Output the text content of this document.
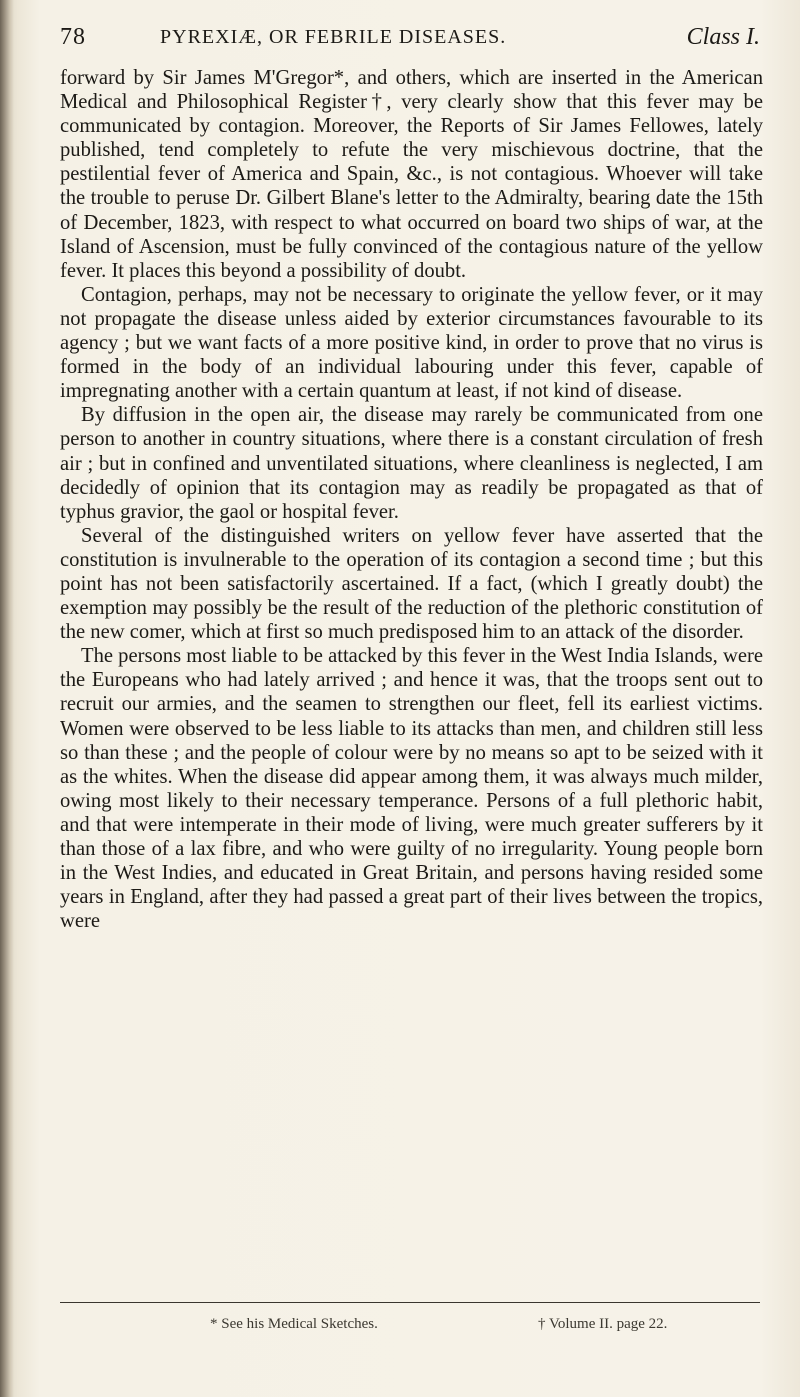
78	PYREXIÆ, OR FEBRILE DISEASES.	Class I.

forward by Sir James M'Gregor*, and others, which are inserted in the American Medical and Philosophical Register†, very clearly show that this fever may be communicated by contagion. Moreover, the Reports of Sir James Fellowes, lately published, tend completely to refute the very mischievous doctrine, that the pestilential fever of America and Spain, &c., is not contagious. Whoever will take the trouble to peruse Dr. Gilbert Blane's letter to the Admiralty, bearing date the 15th of December, 1823, with respect to what occurred on board two ships of war, at the Island of Ascension, must be fully convinced of the contagious nature of the yellow fever. It places this beyond a possibility of doubt.

Contagion, perhaps, may not be necessary to originate the yellow fever, or it may not propagate the disease unless aided by exterior circumstances favourable to its agency ; but we want facts of a more positive kind, in order to prove that no virus is formed in the body of an individual labouring under this fever, capable of impregnating another with a certain quantum at least, if not kind of disease.

By diffusion in the open air, the disease may rarely be communicated from one person to another in country situations, where there is a constant circulation of fresh air ; but in confined and unventilated situations, where cleanliness is neglected, I am decidedly of opinion that its contagion may as readily be propagated as that of typhus gravior, the gaol or hospital fever.

Several of the distinguished writers on yellow fever have asserted that the constitution is invulnerable to the operation of its contagion a second time ; but this point has not been satisfactorily ascertained. If a fact, (which I greatly doubt) the exemption may possibly be the result of the reduction of the plethoric constitution of the new comer, which at first so much predisposed him to an attack of the disorder.

The persons most liable to be attacked by this fever in the West India Islands, were the Europeans who had lately arrived ; and hence it was, that the troops sent out to recruit our armies, and the seamen to strengthen our fleet, fell its earliest victims. Women were observed to be less liable to its attacks than men, and children still less so than these ; and the people of colour were by no means so apt to be seized with it as the whites. When the disease did appear among them, it was always much milder, owing most likely to their necessary temperance. Persons of a full plethoric habit, and that were intemperate in their mode of living, were much greater sufferers by it than those of a lax fibre, and who were guilty of no irregularity. Young people born in the West Indies, and educated in Great Britain, and persons having resided some years in England, after they had passed a great part of their lives between the tropics, were

* See his Medical Sketches.	† Volume II. page 22.
